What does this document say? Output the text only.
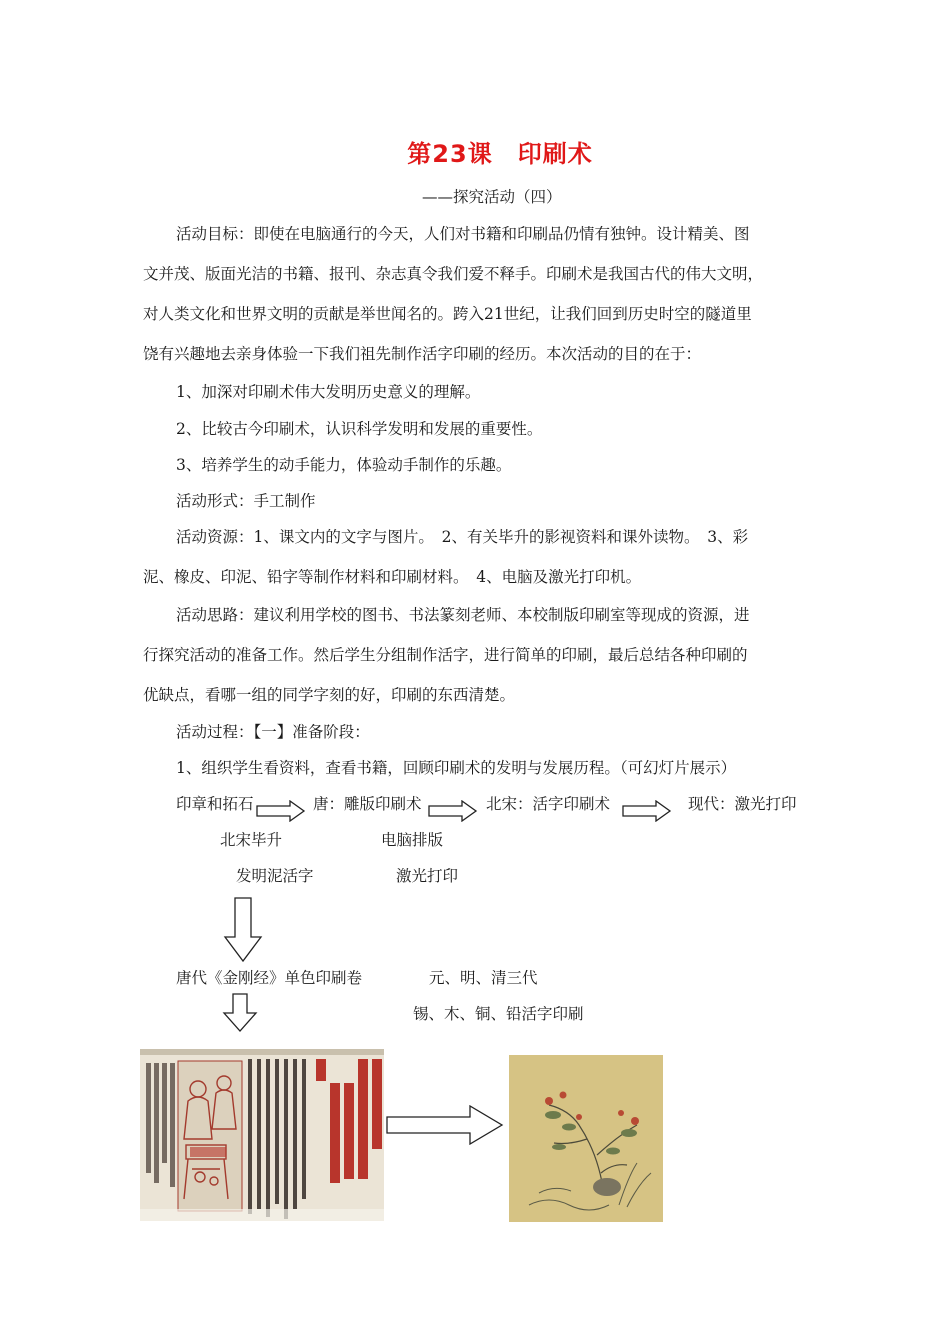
第23课　印刷术
——探究活动（四）
活动目标：即使在电脑通行的今天，人们对书籍和印刷品仍情有独钟。设计精美、图
文并茂、版面光洁的书籍、报刊、杂志真令我们爱不释手。印刷术是我国古代的伟大文明，
对人类文化和世界文明的贡献是举世闻名的。跨入21世纪，让我们回到历史时空的隧道里
饶有兴趣地去亲身体验一下我们祖先制作活字印刷的经历。本次活动的目的在于：
1、加深对印刷术伟大发明历史意义的理解。
2、比较古今印刷术，认识科学发明和发展的重要性。
3、培养学生的动手能力，体验动手制作的乐趣。
活动形式：手工制作
活动资源：1、课文内的文字与图片。　2、有关毕升的影视资料和课外读物。　3、彩
泥、橡皮、印泥、铅字等制作材料和印刷材料。　4、电脑及激光打印机。
活动思路：建议利用学校的图书、书法篆刻老师、本校制版印刷室等现成的资源，进
行探究活动的准备工作。然后学生分组制作活字，进行简单的印刷，最后总结各种印刷的
优缺点，看哪一组的同学字刻的好，印刷的东西清楚。
活动过程：【一】准备阶段：
1、组织学生看资料，查看书籍，回顾印刷术的发明与发展历程。（可幻灯片展示）
印章和拓石	唐：雕版印刷术	北宋：活字印刷术	现代：激光打印
北宋毕升	电脑排版
发明泥活字	激光打印
唐代《金刚经》单色印刷卷	元、明、清三代
锡、木、铜、铅活字印刷
